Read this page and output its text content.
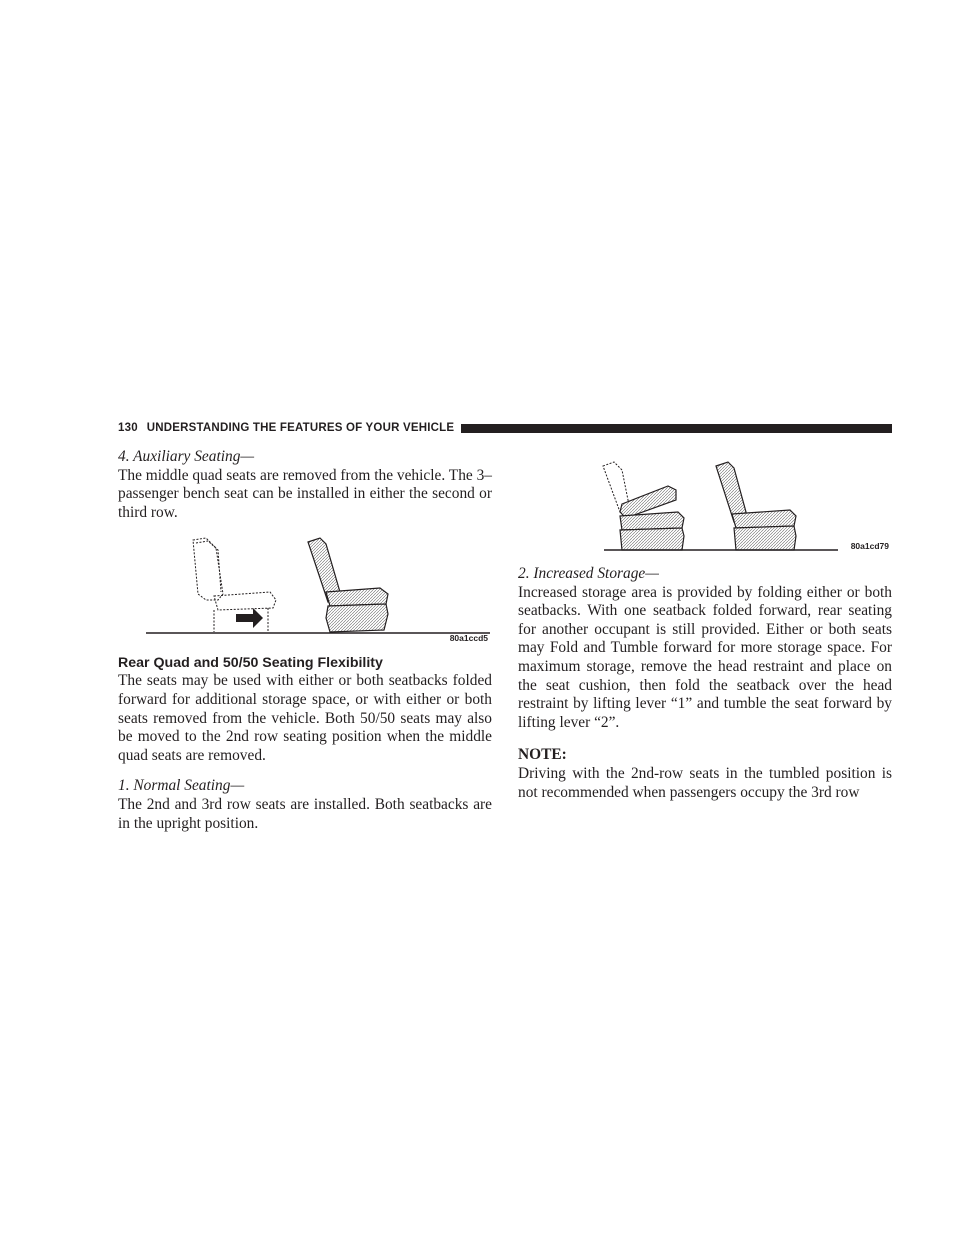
130 UNDERSTANDING THE FEATURES OF YOUR VEHICLE

4. Auxiliary Seating—

The middle quad seats are removed from the vehicle. The 3– passenger bench seat can be installed in either the second or third row.

80a1ccd5

Rear Quad and 50/50 Seating Flexibility

The seats may be used with either or both seatbacks folded forward for additional storage space, or with either or both seats removed from the vehicle. Both 50/50 seats may also be moved to the 2nd row seating position when the middle quad seats are removed.

1. Normal Seating—

The 2nd and 3rd row seats are installed. Both seatbacks are in the upright position.

80a1cd79

2. Increased Storage—

Increased storage area is provided by folding either or both seatbacks. With one seatback folded forward, rear seating for another occupant is still provided. Either or both seats may Fold and Tumble forward for more storage space. For maximum storage, remove the head restraint and place on the seat cushion, then fold the seatback over the head restraint by lifting lever “1” and tumble the seat forward by lifting lever “2”.

NOTE:

Driving with the 2nd-row seats in the tumbled position is not recommended when passengers occupy the 3rd row
